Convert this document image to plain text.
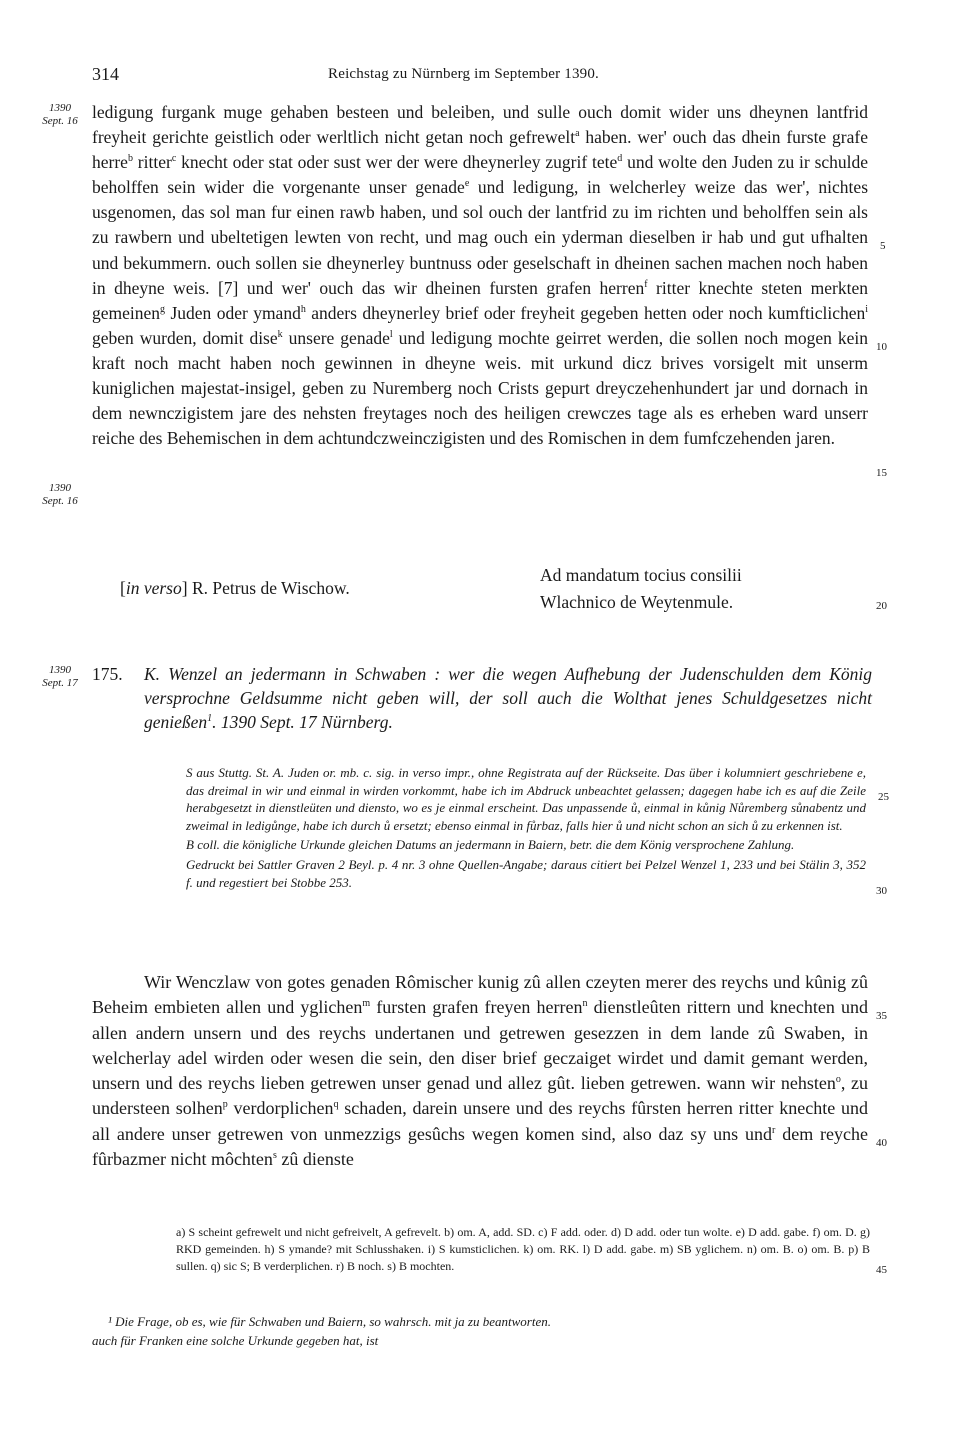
314	Reichstag zu Nürnberg im September 1390.
1390
Sept. 16
1390
Sept. 16
1390
Sept. 17
5
10
15
20
25
30
35
40
45

ledigung furgank muge gehaben besteen und beleiben, und sulle ouch domit wider uns dheynen lantfrid freyheit gerichte geistlich oder werltlich nicht getan noch gefrewelt$^a$ haben. wer' ouch das dhein furste grafe herre$^b$ ritter$^c$ knecht oder stat oder sust wer der were dheynerley zugrif tete$^d$ und wolte den Juden zu ir schulde beholffen sein wider die vorgenante unser genade$^e$ und ledigung, in welcherley weize das wer', nichtes usgenomen, das sol man fur einen rawb haben, und sol ouch der lantfrid zu im richten und beholffen sein als zu rawbern und ubeltetigen lewten von recht, und mag ouch ein yderman dieselben ir hab und gut ufhalten und bekummern. ouch sollen sie dheynerley buntnuss oder geselschaft in dheinen sachen machen noch haben in dheyne weis. [7] und wer' ouch das wir dheinen fursten grafen herren$^f$ ritter knechte steten merkten gemeinen$^g$ Juden oder ymand$^h$ anders dheynerley brief oder freyheit gegeben hetten oder noch kumfticlichen$^i$ geben wurden, domit dise$^k$ unsere genade$^l$ und ledigung mochte geirret werden, die sollen noch mogen kein kraft noch macht haben noch gewinnen in dheyne weis. mit urkund dicz brives vorsigelt mit unserm kuniglichen majestat-insigel, geben zu Nuremberg noch Crists gepurt dreyczehenhundert jar und dornach in dem newnczigistem jare des nehsten freytages noch des heiligen crewczes tage als es erheben ward unserr reiche des Behemischen in dem achtundczweinczigisten und des Romischen in dem fumfczehenden jaren.

[in verso] R. Petrus de Wischow.
Ad mandatum tocius consilii
Wlachnico de Weytenmule.
175. K. Wenzel an jedermann in Schwaben : wer die wegen Aufhebung der Judenschulden dem König versprochne Geldsumme nicht geben will, der soll auch die Wolthat jenes Schuldgesetzes nicht genießen$^1$. 1390 Sept. 17 Nürnberg.

S aus Stuttg. St. A. Juden or. mb. c. sig. in verso impr., ohne Registrata auf der Rückseite. Das über i kolumniert geschriebene e, das dreimal in wir und einmal in wirden vorkommt, habe ich im Abdruck unbeachtet gelassen; dagegen habe ich es auf die Zeile herabgesetzt in dienstleüten und diensto, wo es je einmal erscheint. Das unpassende ů, einmal in kůnig Nůremberg sůnabentz und zweimal in ledigůnge, habe ich durch ů ersetzt; ebenso einmal in fůrbaz, falls hier ů und nicht schon an sich ů zu erkennen ist.

B coll. die königliche Urkunde gleichen Datums an jedermann in Baiern, betr. die dem König versprochene Zahlung.

Gedruckt bei Sattler Graven 2 Beyl. p. 4 nr. 3 ohne Quellen-Angabe; daraus citiert bei Pelzel Wenzel 1, 233 und bei Stälin 3, 352 f. und regestiert bei Stobbe 253.

Wir Wenczlaw von gotes genaden Rômischer kunig zû allen czeyten merer des reychs und kûnig zû Beheim embieten allen und yglichen$^m$ fursten grafen freyen herren$^n$ dienstleûten rittern und knechten und allen andern unsern und des reychs undertanen und getrewen gesezzen in dem lande zû Swaben, in welcherlay adel wirden oder wesen die sein, den diser brief geczaiget wirdet und damit gemant werden, unsern und des reychs lieben getrewen unser genad und allez gût. lieben getrewen. wann wir nehsten$^o$, zu understeen solhen$^p$ verdorplichen$^q$ schaden, darein unsere und des reychs fûrsten herren ritter knechte und all andere unser getrewen von unmezzigs gesûchs wegen komen sind, also daz sy uns und$^r$ dem reyche fûrbazmer nicht môchten$^s$ zû dienste

a) S scheint gefrewelt und nicht gefreivelt, A gefrevelt. b) om. A, add. SD. c) F add. oder. d) D add. oder tun wolte. e) D add. gabe. f) om. D. g) RKD gemeinden. h) S ymande? mit Schlusshaken. i) S kumsticlichen. k) om. RK. l) D add. gabe. m) SB yglichem. n) om. B. o) om. B. p) B sullen. q) sic S; B verderplichen. r) B noch. s) B mochten.

¹ Die Frage, ob es, wie für Schwaben und Baiern, so wahrsch. mit ja zu beantworten.

auch für Franken eine solche Urkunde gegeben hat, ist
